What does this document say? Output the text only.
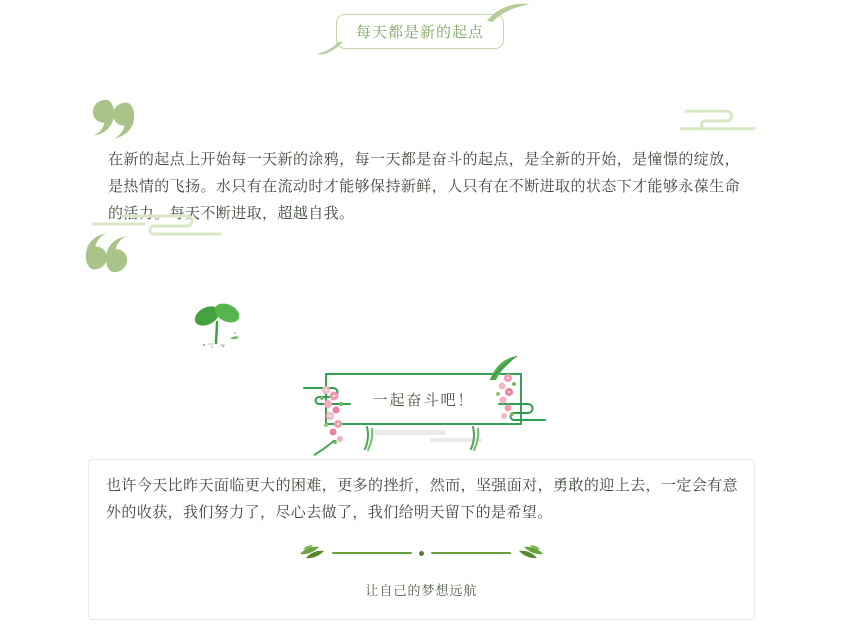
每天都是新的起点
在新的起点上开始每一天新的涂鸦，每一天都是奋斗的起点，是全新的开始，是憧憬的绽放，是热情的飞扬。水只有在流动时才能够保持新鲜，人只有在不断进取的状态下才能够永葆生命的活力。每天不断进取，超越自我。
一起奋斗吧！
也许今天比昨天面临更大的困难，更多的挫折，然而，坚强面对，勇敢的迎上去，一定会有意外的收获，我们努力了，尽心去做了，我们给明天留下的是希望。
让自己的梦想远航
